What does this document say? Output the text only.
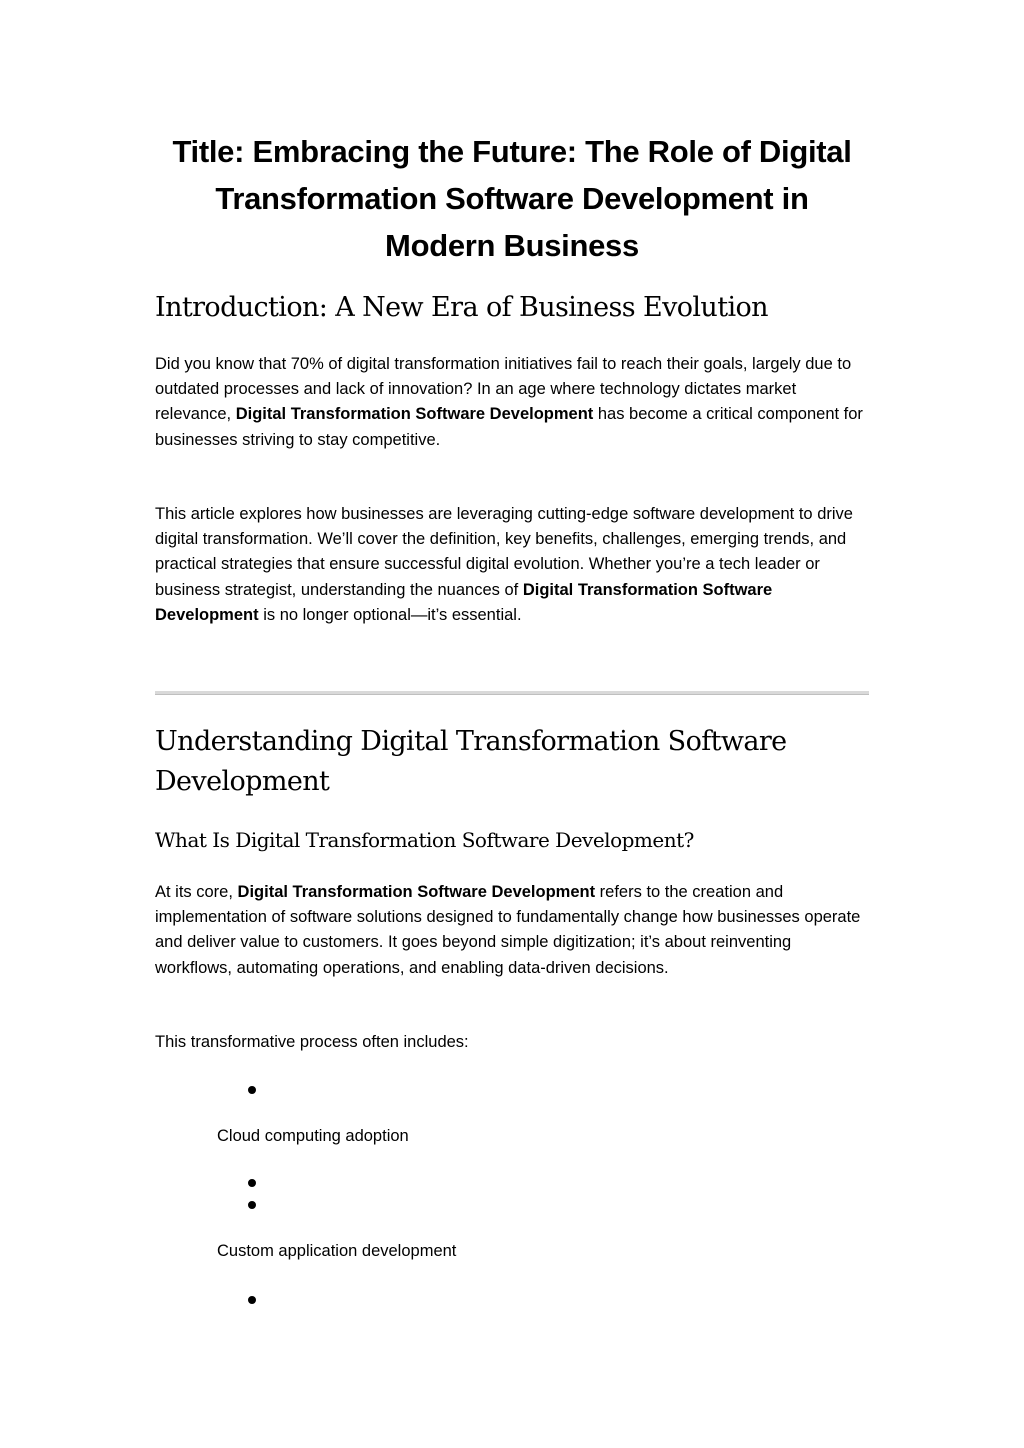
Title: Embracing the Future: The Role of Digital Transformation Software Development in Modern Business
Introduction: A New Era of Business Evolution

Did you know that 70% of digital transformation initiatives fail to reach their goals, largely due to outdated processes and lack of innovation? In an age where technology dictates market relevance, Digital Transformation Software Development has become a critical component for businesses striving to stay competitive.

This article explores how businesses are leveraging cutting-edge software development to drive digital transformation. We’ll cover the definition, key benefits, challenges, emerging trends, and practical strategies that ensure successful digital evolution. Whether you’re a tech leader or business strategist, understanding the nuances of Digital Transformation Software Development is no longer optional—it’s essential.

Understanding Digital Transformation Software Development
What Is Digital Transformation Software Development?

At its core, Digital Transformation Software Development refers to the creation and implementation of software solutions designed to fundamentally change how businesses operate and deliver value to customers. It goes beyond simple digitization; it’s about reinventing workflows, automating operations, and enabling data-driven decisions.

This transformative process often includes:

Cloud computing adoption
Custom application development
